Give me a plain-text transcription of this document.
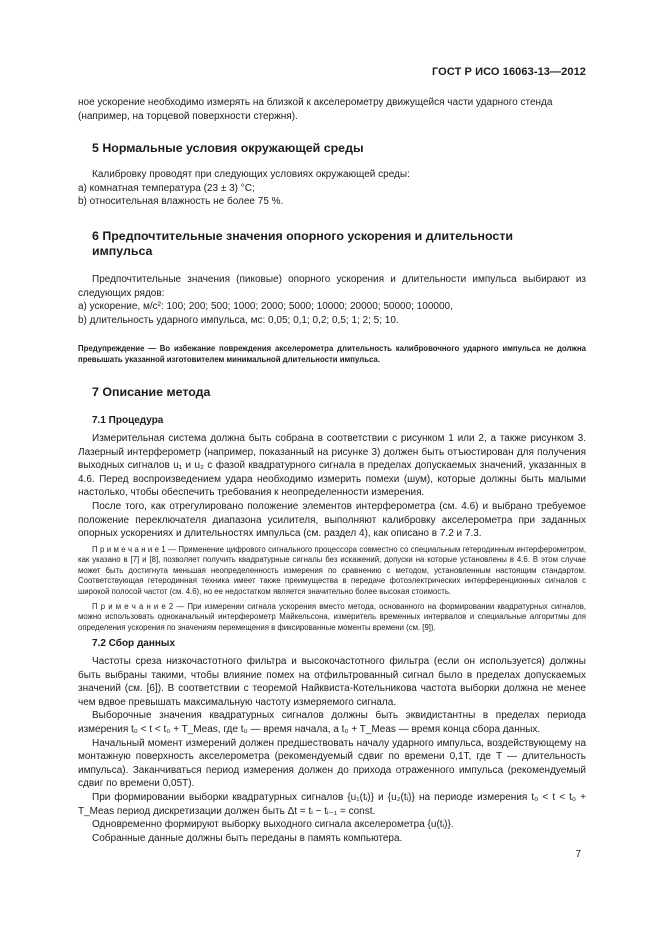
ГОСТ Р ИСО 16063-13—2012

ное ускорение необходимо измерять на близкой к акселерометру движущейся части ударного стенда

(например, на торцевой поверхности стержня).

5 Нормальные условия окружающей среды

Калибровку проводят при следующих условиях окружающей среды:

a) комнатная температура (23 ± 3) °C;

b) относительная влажность не более 75 %.

6 Предпочтительные значения опорного ускорения и длительности
импульса

Предпочтительные значения (пиковые) опорного ускорения и длительности импульса выбирают из следующих рядов:

a) ускорение, м/с²: 100; 200; 500; 1000; 2000; 5000; 10000; 20000; 50000; 100000,

b) длительность ударного импульса, мс: 0,05; 0,1; 0,2; 0,5; 1; 2; 5; 10.

Предупреждение — Во избежание повреждения акселерометра длительность калибровочного ударного импульса не должна превышать указанной изготовителем минимальной длительности импульса.

7 Описание метода
7.1 Процедура

Измерительная система должна быть собрана в соответствии с рисунком 1 или 2, а также рисунком 3. Лазерный интерферометр (например, показанный на рисунке 3) должен быть отъюстирован для получения выходных сигналов u₁ и u₂ с фазой квадратурного сигнала в пределах допускаемых значений, указанных в 4.6. Перед воспроизведением удара необходимо измерить помехи (шум), которые должны быть малыми настолько, чтобы обеспечить требования к неопределенности измерения.

После того, как отрегулировано положение элементов интерферометра (см. 4.6) и выбрано требуемое положение переключателя диапазона усилителя, выполняют калибровку акселерометра при заданных опорных ускорениях и длительностях импульса (см. раздел 4), как описано в 7.2 и 7.3.

П р и м е ч а н и е 1 — Применение цифрового сигнального процессора совместно со специальным гетеродинным интерферометром, как указано в [7] и [8], позволяет получить квадратурные сигналы без искажений, допуски на которые установлены в 4.6. В этом случае может быть достигнута меньшая неопределенность измерения по сравнению с методом, установленным настоящим стандартом. Соответствующая гетеродинная техника имеет также преимущества в передаче фотоэлектрических интерференционных сигналов с широкой полосой частот (см. 4.6), но ее недостатком является значительно более высокая стоимость.

П р и м е ч а н и е 2 — При измерении сигнала ускорения вместо метода, основанного на формировании квадратурных сигналов, можно использовать одноканальный интерферометр Майкельсона, измеритель временных интервалов и специальные алгоритмы для определения ускорения по значениям перемещения в фиксированные моменты времени (см. [9]).

7.2 Сбор данных

Частоты среза низкочастотного фильтра и высокочастотного фильтра (если он используется) должны быть выбраны такими, чтобы влияние помех на отфильтрованный сигнал было в пределах допускаемых значений (см. [6]). В соответствии с теоремой Найквиста-Котельникова частота выборки должна не менее чем вдвое превышать максимальную частоту измеряемого сигнала.

Выборочные значения квадратурных сигналов должны быть эквидистантны в пределах периода измерения t₀ < t < t₀ + T_Meas, где t₀ — время начала, а t₀ + T_Meas — время конца сбора данных.

Начальный момент измерений должен предшествовать началу ударного импульса, воздействующему на монтажную поверхность акселерометра (рекомендуемый сдвиг по времени 0,1T, где T — длительность импульса). Заканчиваться период измерения должен до прихода отраженного импульса (рекомендуемый сдвиг по времени 0,05T).

При формировании выборки квадратурных сигналов {u₁(tᵢ)} и {u₂(tᵢ)} на периоде измерения t₀ < t < t₀ + T_Meas период дискретизации должен быть Δt = tᵢ − tᵢ₋₁ = const.

Одновременно формируют выборку выходного сигнала акселерометра {u(tᵢ)}.

Собранные данные должны быть переданы в память компьютера.

7
